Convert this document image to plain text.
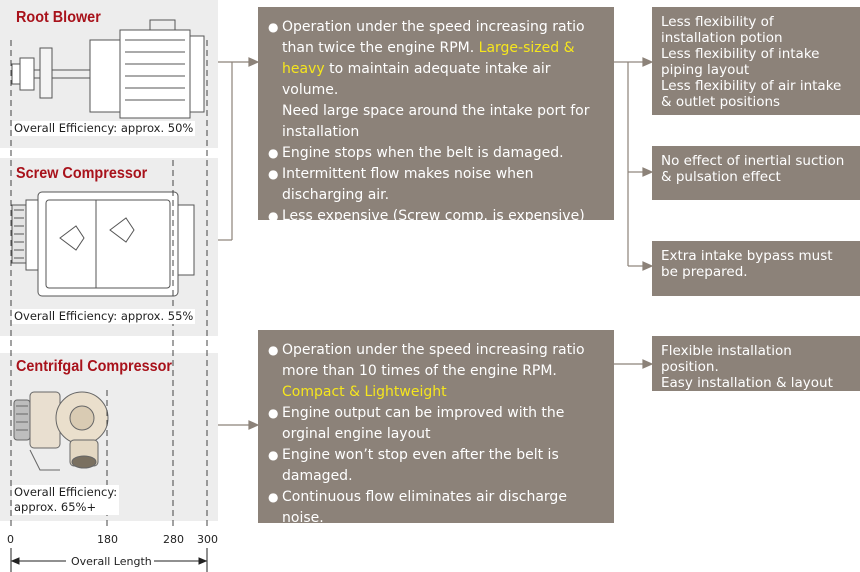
Root Blower
Screw Compressor
Centrifgal Compressor
Overall Efficiency: approx. 50%
Overall Efficiency: approx. 55%
Overall Efficiency:
approx. 65%+
0	180	280 300
Overall Length
● Operation under the speed increasing ratio than twice the engine RPM. Large-sized & heavy to maintain adequate intake air volume.
Need large space around the intake port for installation
● Engine stops when the belt is damaged.
● Intermittent flow makes noise when discharging air.
● Less expensive (Screw comp. is expensive)
● Operation under the speed increasing ratio more than 10 times of the engine RPM.
Compact & Lightweight
● Engine output can be improved with the orginal engine layout
● Engine won’t stop even after the belt is damaged.
● Continuous flow eliminates air discharge noise.
Less flexibility of installation potion
Less flexibility of intake piping layout
Less flexibility of air intake & outlet positions
No effect of inertial suction & pulsation effect
Extra intake bypass must be prepared.
Flexible installation position.
Easy installation & layout
